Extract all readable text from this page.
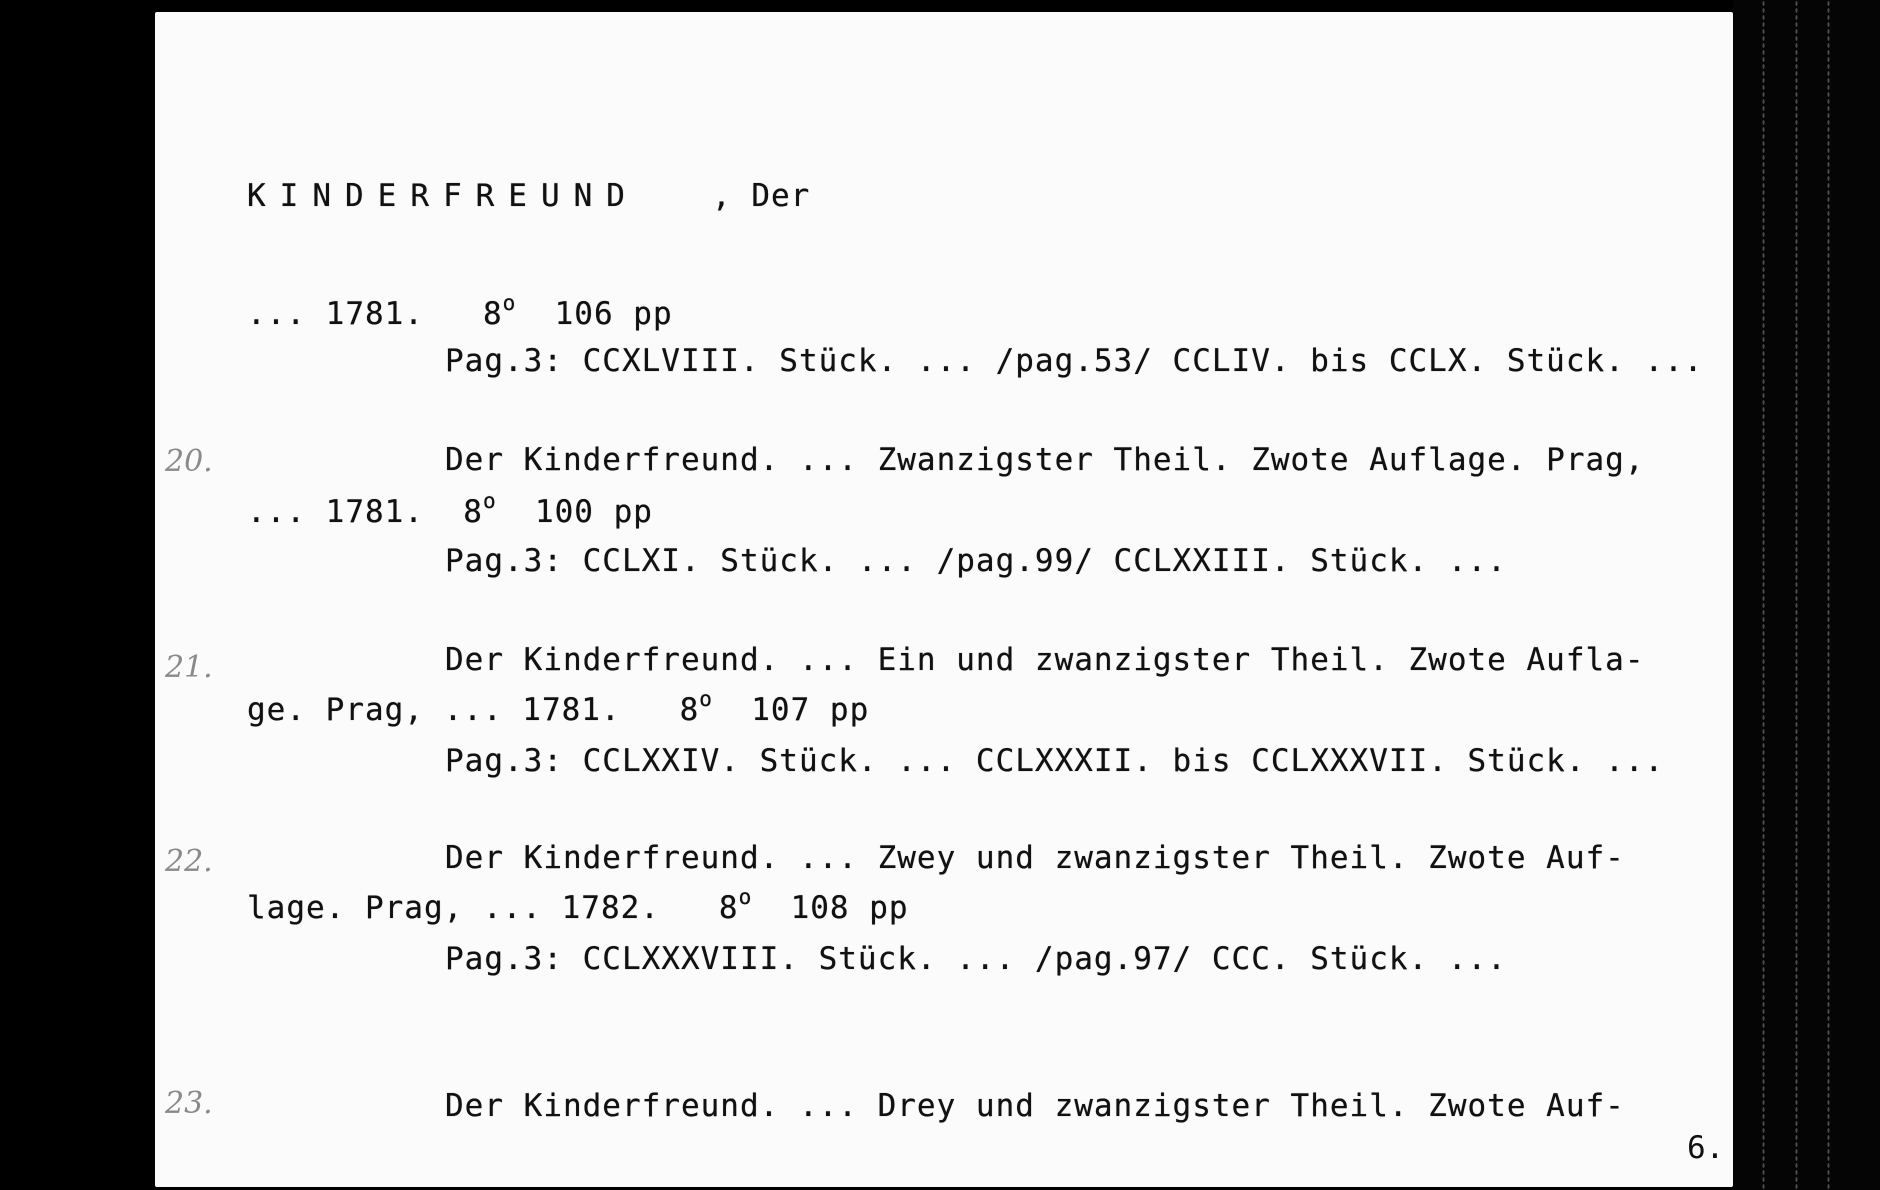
KINDERFREUND , Der
... 1781.   8$^o$  106 pp
Pag.3: CCXLVIII. Stück. ... /pag.53/ CCLIV. bis CCLX. Stück. ...
20.	Der Kinderfreund. ... Zwanzigster Theil. Zwote Auflage. Prag,
... 1781.  8$^o$  100 pp
Pag.3: CCLXI. Stück. ... /pag.99/ CCLXXIII. Stück. ...
21.	Der Kinderfreund. ... Ein und zwanzigster Theil. Zwote Aufla-
ge. Prag, ... 1781.   8$^o$  107 pp
Pag.3: CCLXXIV. Stück. ... CCLXXXII. bis CCLXXXVII. Stück. ...
22.	Der Kinderfreund. ... Zwey und zwanzigster Theil. Zwote Auf-
lage. Prag, ... 1782.   8$^o$  108 pp
Pag.3: CCLXXXVIII. Stück. ... /pag.97/ CCC. Stück. ...
23.	Der Kinderfreund. ... Drey und zwanzigster Theil. Zwote Auf-
6.
